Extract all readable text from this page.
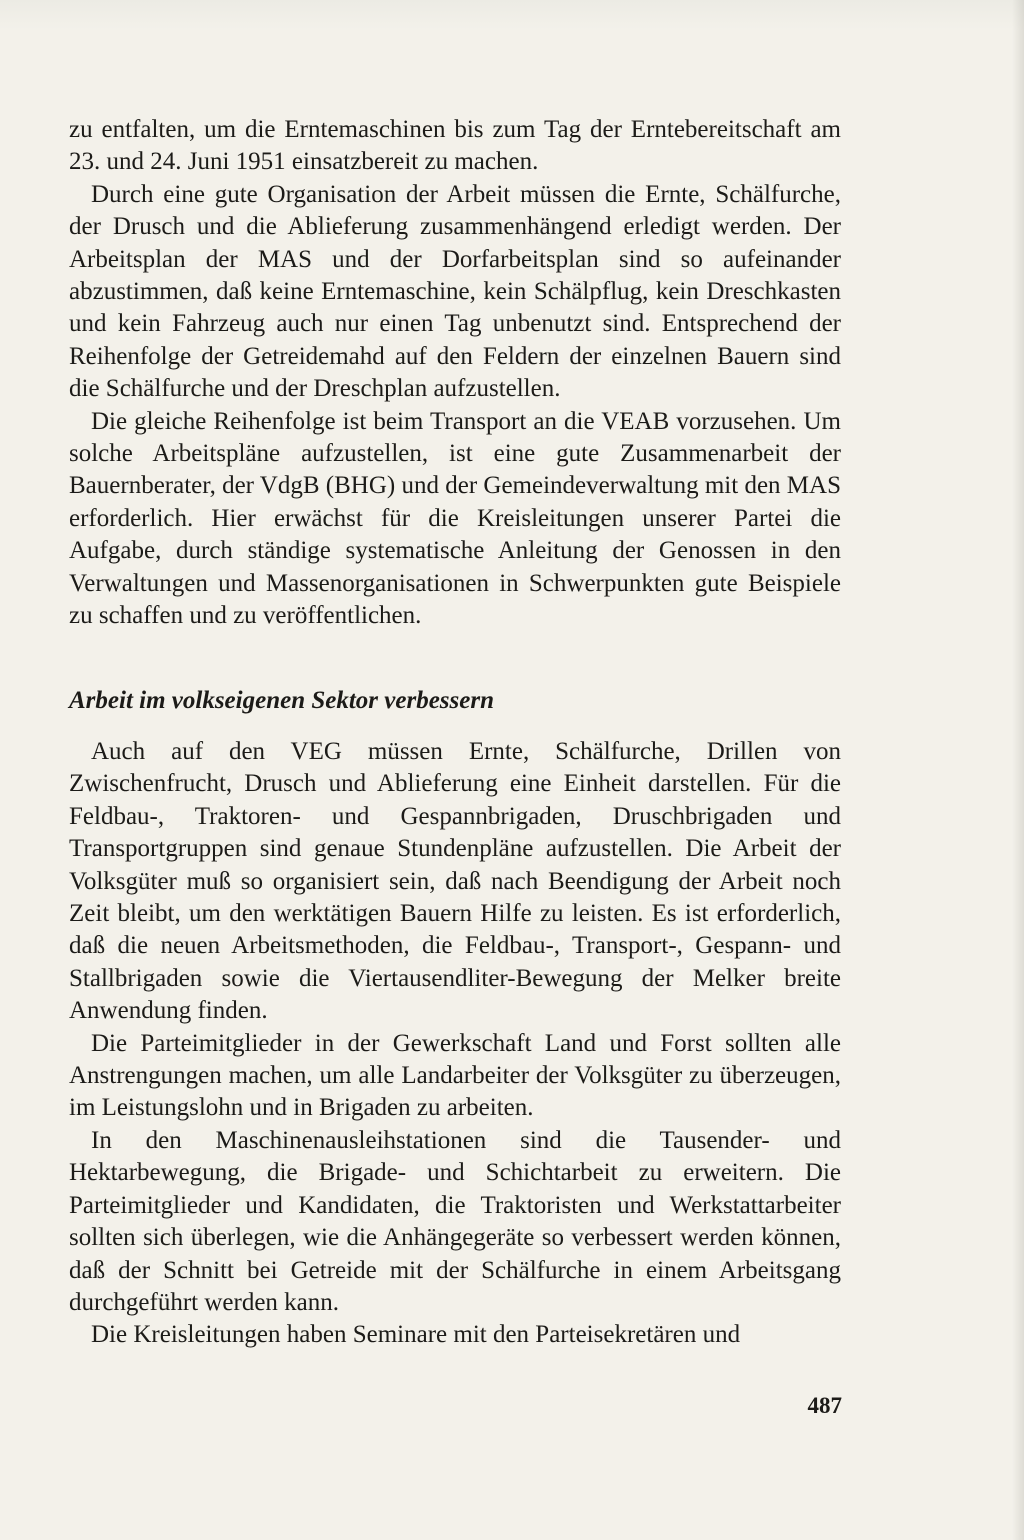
zu entfalten, um die Erntemaschinen bis zum Tag der Erntebereitschaft am 23. und 24. Juni 1951 einsatzbereit zu machen.

Durch eine gute Organisation der Arbeit müssen die Ernte, Schälfurche, der Drusch und die Ablieferung zusammenhängend erledigt werden. Der Arbeitsplan der MAS und der Dorfarbeitsplan sind so aufeinander abzustimmen, daß keine Erntemaschine, kein Schälpflug, kein Dreschkasten und kein Fahrzeug auch nur einen Tag unbenutzt sind. Entsprechend der Reihenfolge der Getreidemahd auf den Feldern der einzelnen Bauern sind die Schälfurche und der Dreschplan aufzustellen.

Die gleiche Reihenfolge ist beim Transport an die VEAB vorzusehen. Um solche Arbeitspläne aufzustellen, ist eine gute Zusammenarbeit der Bauernberater, der VdgB (BHG) und der Gemeindeverwaltung mit den MAS erforderlich. Hier erwächst für die Kreisleitungen unserer Partei die Aufgabe, durch ständige systematische Anleitung der Genossen in den Verwaltungen und Massenorganisationen in Schwerpunkten gute Beispiele zu schaffen und zu veröffentlichen.

Arbeit im volkseigenen Sektor verbessern

Auch auf den VEG müssen Ernte, Schälfurche, Drillen von Zwischenfrucht, Drusch und Ablieferung eine Einheit darstellen. Für die Feldbau-, Traktoren- und Gespannbrigaden, Druschbrigaden und Transportgruppen sind genaue Stundenpläne aufzustellen. Die Arbeit der Volksgüter muß so organisiert sein, daß nach Beendigung der Arbeit noch Zeit bleibt, um den werktätigen Bauern Hilfe zu leisten. Es ist erforderlich, daß die neuen Arbeitsmethoden, die Feldbau-, Transport-, Gespann- und Stallbrigaden sowie die Viertausendliter-Bewegung der Melker breite Anwendung finden.

Die Parteimitglieder in der Gewerkschaft Land und Forst sollten alle Anstrengungen machen, um alle Landarbeiter der Volksgüter zu überzeugen, im Leistungslohn und in Brigaden zu arbeiten.

In den Maschinenausleihstationen sind die Tausender- und Hektarbewegung, die Brigade- und Schichtarbeit zu erweitern. Die Parteimitglieder und Kandidaten, die Traktoristen und Werkstattarbeiter sollten sich überlegen, wie die Anhängegeräte so verbessert werden können, daß der Schnitt bei Getreide mit der Schälfurche in einem Arbeitsgang durchgeführt werden kann.

Die Kreisleitungen haben Seminare mit den Parteisekretären und

487
